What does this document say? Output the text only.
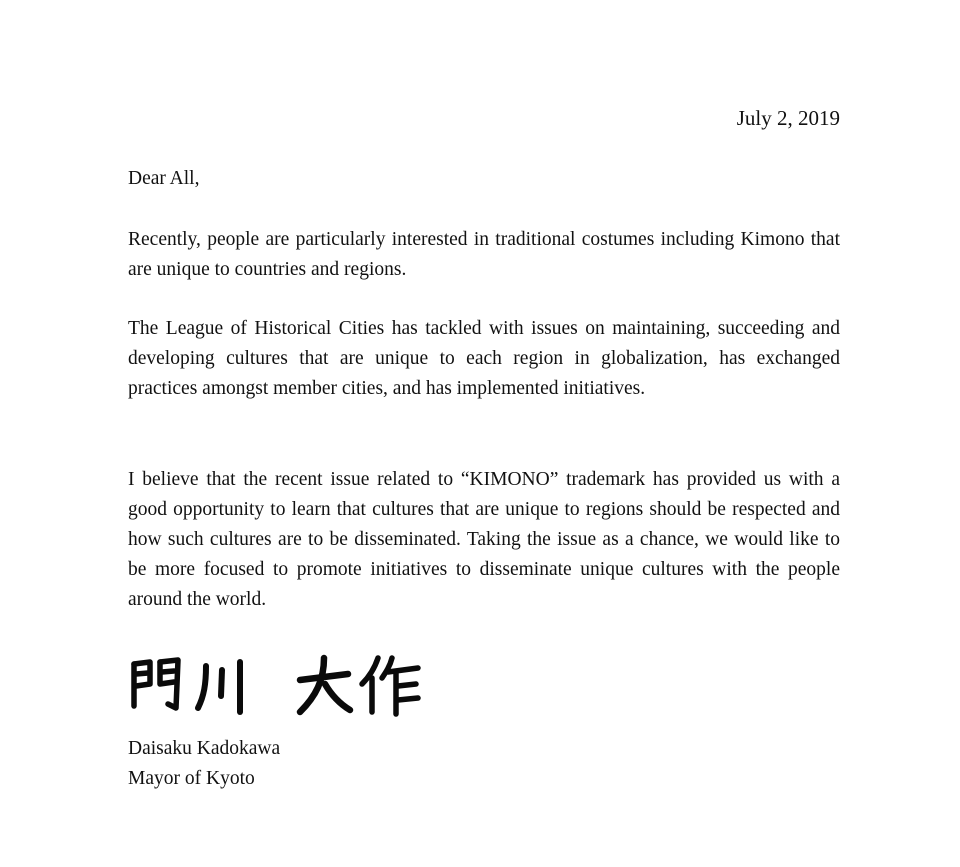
July 2, 2019
Dear All,

Recently, people are particularly interested in traditional costumes including Kimono that are unique to countries and regions.

The League of Historical Cities has tackled with issues on maintaining, succeeding and developing cultures that are unique to each region in globalization, has exchanged practices amongst member cities, and has implemented initiatives.

I believe that the recent issue related to “KIMONO” trademark has provided us with a good opportunity to learn that cultures that are unique to regions should be respected and how such cultures are to be disseminated. Taking the issue as a chance, we would like to be more focused to promote initiatives to disseminate unique cultures with the people around the world.

Daisaku Kadokawa
Mayor of Kyoto
